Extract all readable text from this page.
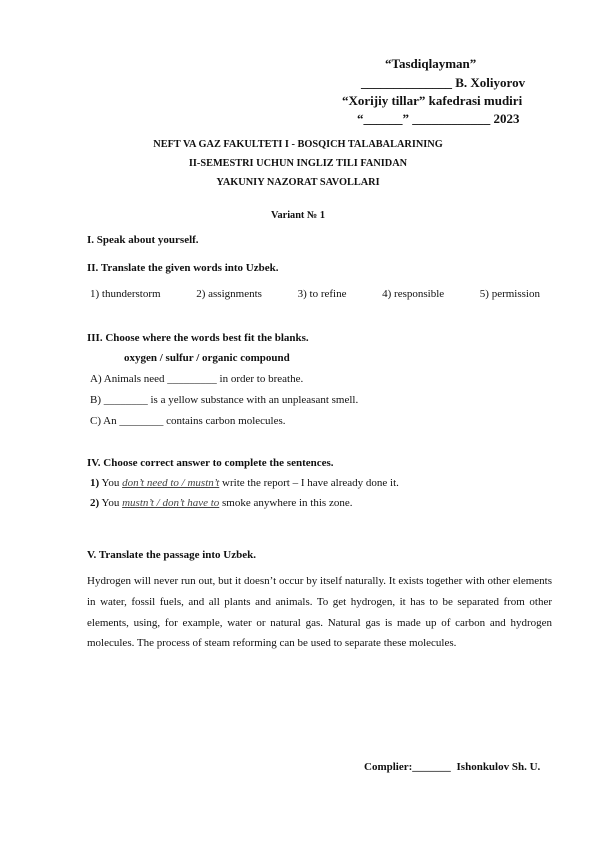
“Tasdiqlayman”
______________ B. Xoliyorov
“Xorijiy tillar” kafedrasi mudiri
“______” ____________ 2023
NEFT VA GAZ FAKULTETI I - BOSQICH TALABALARINING
II-SEMESTRI UCHUN INGLIZ TILI FANIDAN
YAKUNIY NAZORAT SAVOLLARI
Variant № 1
I. Speak about yourself.
II. Translate the given words into Uzbek.
1) thunderstorm	2) assignments	3) to refine	4) responsible	5) permission
III. Choose where the words best fit the blanks.
oxygen / sulfur / organic compound
A) Animals need _________ in order to breathe.
B) ________ is a yellow substance with an unpleasant smell.
C) An ________ contains carbon molecules.
IV. Choose correct answer to complete the sentences.
1) You don’t need to / mustn’t write the report – I have already done it.
2) You mustn’t / don’t have to smoke anywhere in this zone.
V. Translate the passage into Uzbek.
Hydrogen will never run out, but it doesn’t occur by itself naturally. It exists together with other elements in water, fossil fuels, and all plants and animals. To get hydrogen, it has to be separated from other elements, using, for example, water or natural gas. Natural gas is made up of carbon and hydrogen molecules. The process of steam reforming can be used to separate these molecules.
Complier:_______ Ishonkulov Sh. U.
